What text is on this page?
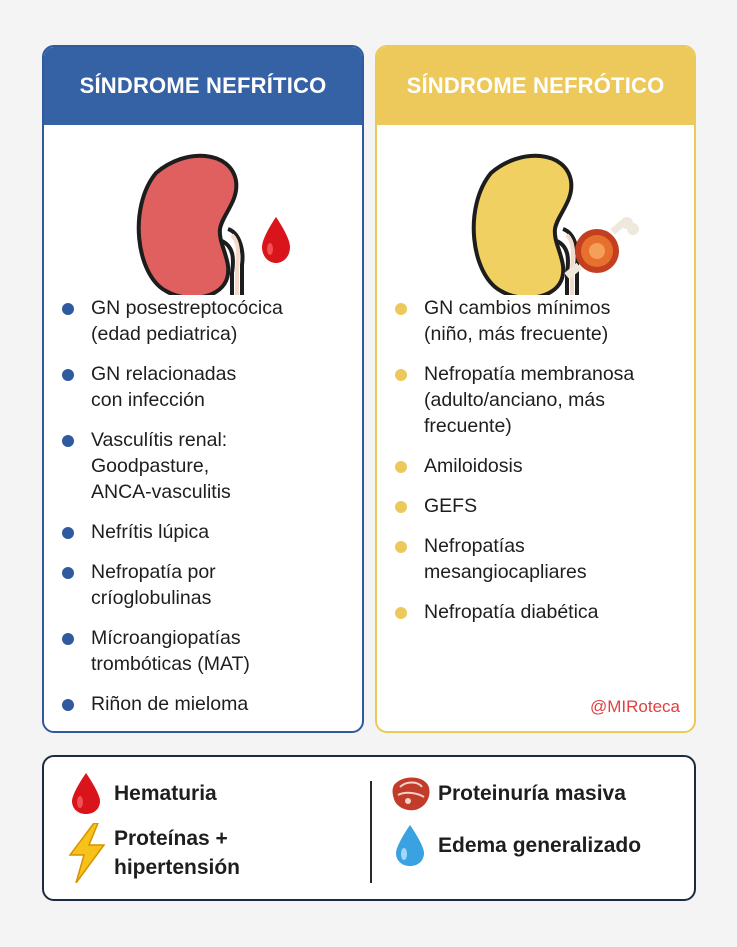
SÍNDROME NEFRÍTICO
GN posestreptocócica
(edad pediatrica)
GN relacionadas
con infección
Vasculítis renal:
Goodpasture,
ANCA-vasculitis
Nefrítis lúpica
Nefropatía por
críoglobulinas
Mícroangiopatías
trombóticas (MAT)
Riñon de mieloma
SÍNDROME NEFRÓTICO
GN cambios mínimos
(niño, más frecuente)
Nefropatía membranosa
(adulto/anciano, más
frecuente)
Amiloidosis
GEFS
Nefropatías
mesangiocapliares
Nefropatía diabética
@MIRoteca
Hematuria
Proteínas +
hipertensión
Proteinuría masiva
Edema generalizado
